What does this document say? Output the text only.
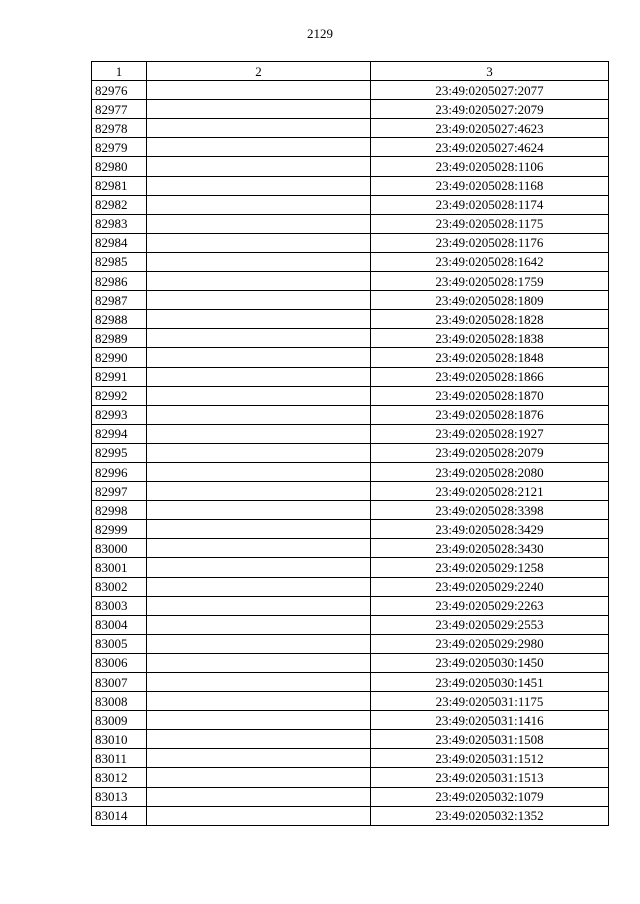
2129
1	2	3
82976		23:49:0205027:2077
82977		23:49:0205027:2079
82978		23:49:0205027:4623
82979		23:49:0205027:4624
82980		23:49:0205028:1106
82981		23:49:0205028:1168
82982		23:49:0205028:1174
82983		23:49:0205028:1175
82984		23:49:0205028:1176
82985		23:49:0205028:1642
82986		23:49:0205028:1759
82987		23:49:0205028:1809
82988		23:49:0205028:1828
82989		23:49:0205028:1838
82990		23:49:0205028:1848
82991		23:49:0205028:1866
82992		23:49:0205028:1870
82993		23:49:0205028:1876
82994		23:49:0205028:1927
82995		23:49:0205028:2079
82996		23:49:0205028:2080
82997		23:49:0205028:2121
82998		23:49:0205028:3398
82999		23:49:0205028:3429
83000		23:49:0205028:3430
83001		23:49:0205029:1258
83002		23:49:0205029:2240
83003		23:49:0205029:2263
83004		23:49:0205029:2553
83005		23:49:0205029:2980
83006		23:49:0205030:1450
83007		23:49:0205030:1451
83008		23:49:0205031:1175
83009		23:49:0205031:1416
83010		23:49:0205031:1508
83011		23:49:0205031:1512
83012		23:49:0205031:1513
83013		23:49:0205032:1079
83014		23:49:0205032:1352
